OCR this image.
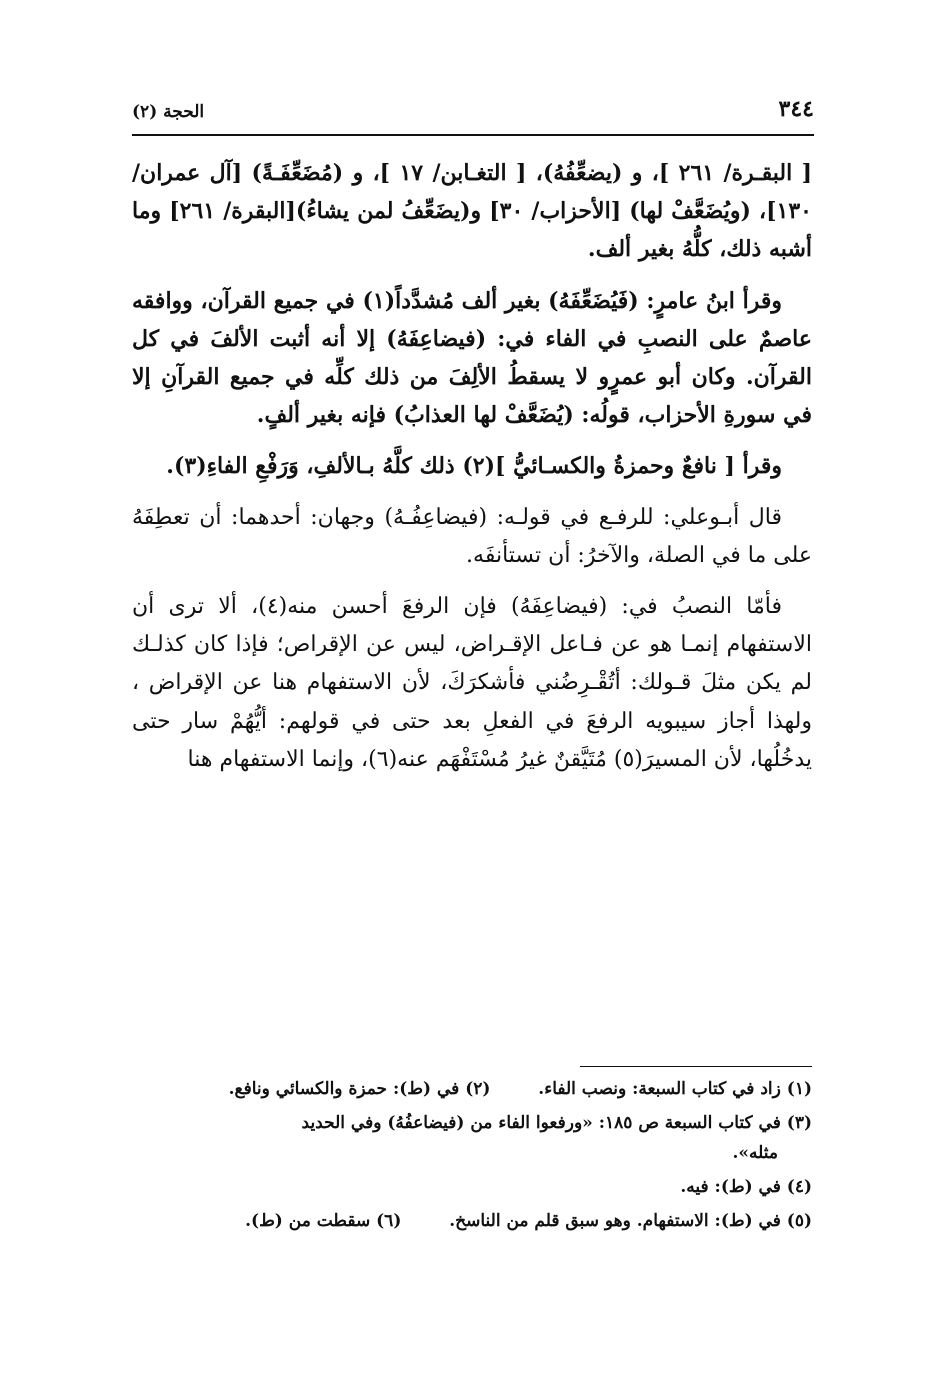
٣٤٤
الحجة (٢)

[ البقـرة/ ٢٦١ ]، و (يضعِّفُهُ)، [ التغـابن/ ١٧ ]، و (مُضَعِّفَـةً) [آل عمران/ ١٣٠]، (ويُضَعَّفْ لها) [الأحزاب/ ٣٠] و(يضَعِّفُ لمن يشاءُ)[البقرة/ ٢٦١] وما أشبه ذلك، كلُّهُ بغير ألف.

وقرأ ابنُ عامرٍ: (فَيُضَعِّفَهُ) بغير ألف مُشدَّداً(١) في جميع القرآن، ووافقه عاصمٌ على النصبِ في الفاء في: (فيضاعِفَهُ) إلا أنه أثبت الألفَ في كل القرآن. وكان أبو عمرٍو لا يسقطُ الألِفَ من ذلك كلِّه في جميع القرآنِ إلا في سورةِ الأحزاب، قولُه: (يُضَعَّفْ لها العذابُ) فإنه بغير ألفٍ.

وقرأ [ نافعٌ وحمزةُ والكسـائيُّ ](٢) ذلك كلَّهُ بـالألفِ، وَرَفْعِ الفاءِ(٣).

قال أبـوعلي: للرفـع في قولـه: (فيضاعِفُـهُ) وجهان: أحدهما: أن تعطِفَهُ على ما في الصلة، والآخرُ: أن تستأنفَه.

فأمّا النصبُ في: (فيضاعِفَهُ) فإن الرفعَ أحسن منه(٤)، ألا ترى أن الاستفهام إنمـا هو عن فـاعل الإقـراض، ليس عن الإقراص؛ فإذا كان كذلـك لم يكن مثلَ قـولك: أتُقْـرِضُني فأشكرَكَ، لأن الاستفهام هنا عن الإقراض ، ولهذا أجاز سيبويه الرفعَ في الفعلِ بعد حتى في قولهم: أيُّهُمْ سار حتى يدخُلُها، لأن المسيرَ(٥) مُتَيَّقنٌ غيرُ مُسْتَفْهَم عنه(٦)، وإنما الاستفهام هنا

(١) زاد في كتاب السبعة: ونصب الفاء.  (٢) في (ط): حمزة والكسائي ونافع.
(٣) في كتاب السبعة ص ١٨٥: «ورفعوا الفاء من (فيضاعفُهُ) وفي الحديد
مثله».
(٤) في (ط): فيه.
(٥) في (ط): الاستفهام. وهو سبق قلم من الناسخ.  (٦) سقطت من (ط).
